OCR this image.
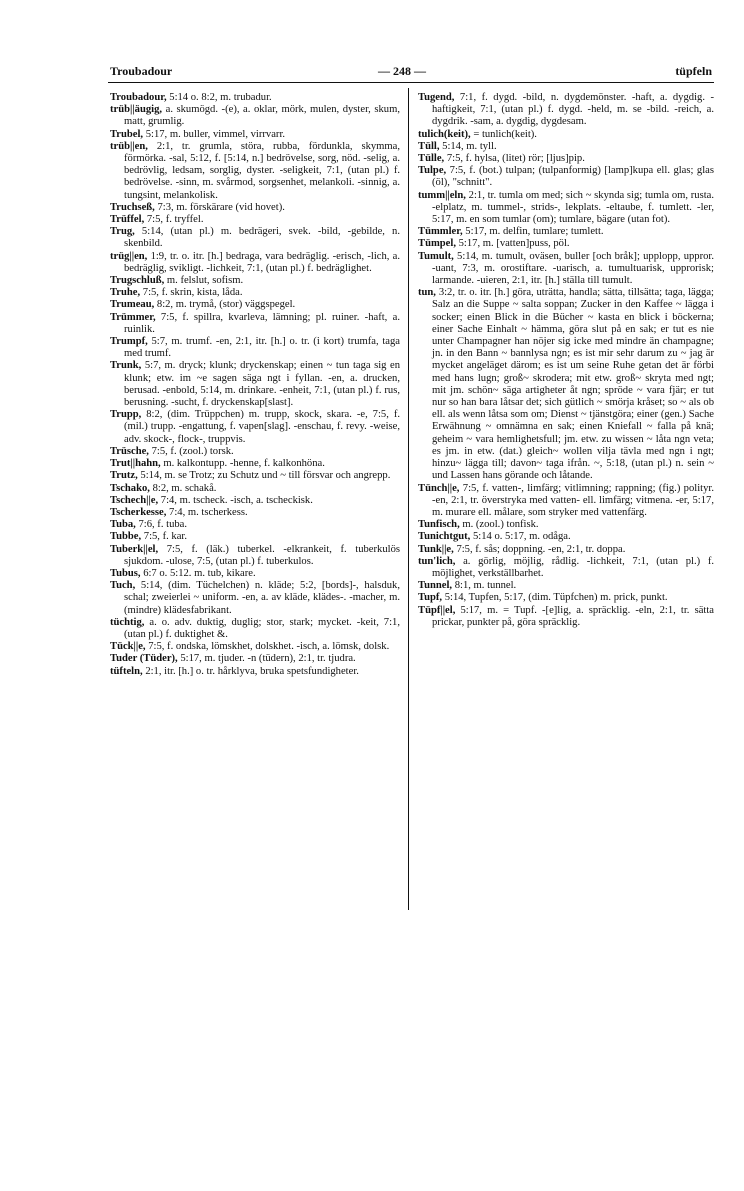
Troubadour	— 248 —	tüpfeln

Troubadour, 5:14 o. 8:2, m. trubadur.

trüb||äugig, a. skumögd. -(e), a. oklar, mörk, mulen, dyster, skum, matt, grumlig.

Trubel, 5:17, m. buller, vimmel, virrvarr.

trüb||en, 2:1, tr. grumla, störa, rubba, fördunkla, skymma, förmörka. -sal, 5:12, f. [5:14, n.] bedrövelse, sorg, nöd. -selig, a. bedrövlig, ledsam, sorglig, dyster. -seligkeit, 7:1, (utan pl.) f. bedrövelse. -sinn, m. svårmod, sorgsenhet, melankoli. -sinnig, a. tungsint, melankolisk.

Truchseß, 7:3, m. förskärare (vid hovet).

Trüffel, 7:5, f. tryffel.

Trug, 5:14, (utan pl.) m. bedrägeri, svek. -bild, -gebilde, n. skenbild.

trüg||en, 1:9, tr. o. itr. [h.] bedraga, vara bedräglig. -erisch, -lich, a. bedräglig, svikligt. -lichkeit, 7:1, (utan pl.) f. bedräglighet.

Trugschluß, m. felslut, sofism.

Truhe, 7:5, f. skrin, kista, låda.

Trumeau, 8:2, m. trymå, (stor) väggspegel.

Trümmer, 7:5, f. spillra, kvarleva, lämning; pl. ruiner. -haft, a. ruinlik.

Trumpf, 5:7, m. trumf. -en, 2:1, itr. [h.] o. tr. (i kort) trumfa, taga med trumf.

Trunk, 5:7, m. dryck; klunk; dryckenskap; einen ~ tun taga sig en klunk; etw. im ~e sagen säga ngt i fyllan. -en, a. drucken, berusad. -enbold, 5:14, m. drinkare. -enheit, 7:1, (utan pl.) f. rus, berusning. -sucht, f. dryckenskap[slast].

Trupp, 8:2, (dim. Trüppchen) m. trupp, skock, skara. -e, 7:5, f. (mil.) trupp. -engattung, f. vapen[slag]. -enschau, f. revy. -weise, adv. skock-, flock-, truppvis.

Trüsche, 7:5, f. (zool.) torsk.

Trut||hahn, m. kalkontupp. -henne, f. kalkonhöna.

Trutz, 5:14, m. se Trotz; zu Schutz und ~ till försvar och angrepp.

Tschako, 8:2, m. schakå.

Tschech||e, 7:4, m. tscheck. -isch, a. tscheckisk.

Tscherkesse, 7:4, m. tscherkess.

Tuba, 7:6, f. tuba.

Tubbe, 7:5, f. kar.

Tuberk||el, 7:5, f. (läk.) tuberkel. -elkrankeit, f. tuberkulös sjukdom. -ulose, 7:5, (utan pl.) f. tuberkulos.

Tubus, 6:7 o. 5:12. m. tub, kikare.

Tuch, 5:14, (dim. Tüchelchen) n. kläde; 5:2, [bords]-, halsduk, schal; zweierlei ~ uniform. -en, a. av kläde, klädes-. -macher, m. (mindre) klädesfabrikant.

tüchtig, a. o. adv. duktig, duglig; stor, stark; mycket. -keit, 7:1, (utan pl.) f. duktighet &.

Tück||e, 7:5, f. ondska, lömskhet, dolskhet. -isch, a. lömsk, dolsk.

Tuder (Tüder), 5:17, m. tjuder. -n (tüdern), 2:1, tr. tjudra.

tüfteln, 2:1, itr. [h.] o. tr. hårklyva, bruka spetsfundigheter.

Tugend, 7:1, f. dygd. -bild, n. dygdemönster. -haft, a. dygdig. -haftigkeit, 7:1, (utan pl.) f. dygd. -held, m. se -bild. -reich, a. dygdrik. -sam, a. dygdig, dygdesam.

tulich(keit), = tunlich(keit).

Tüll, 5:14, m. tyll.

Tülle, 7:5, f. hylsa, (litet) rör; [ljus]pip.

Tulpe, 7:5, f. (bot.) tulpan; (tulpanformig) [lamp]kupa ell. glas; glas (öl), "schnitt".

tumm||eln, 2:1, tr. tumla om med; sich ~ skynda sig; tumla om, rusta. -elplatz, m. tummel-, strids-, lekplats. -eltaube, f. tumlett. -ler, 5:17, m. en som tumlar (om); tumlare, bägare (utan fot).

Tümmler, 5:17, m. delfin, tumlare; tumlett.

Tümpel, 5:17, m. [vatten]puss, pöl.

Tumult, 5:14, m. tumult, oväsen, buller [och bråk]; upplopp, uppror. -uant, 7:3, m. orostiftare. -uarisch, a. tumultuarisk, upprorisk; larmande. -uieren, 2:1, itr. [h.] ställa till tumult.

tun, 3:2, tr. o. itr. [h.] göra, uträtta, handla; sätta, tillsätta; taga, lägga; Salz an die Suppe ~ salta soppan; Zucker in den Kaffee ~ lägga i socker; einen Blick in die Bücher ~ kasta en blick i böckerna; einer Sache Einhalt ~ hämma, göra slut på en sak; er tut es nie unter Champagner han nöjer sig icke med mindre än champagne; jn. in den Bann ~ bannlysa ngn; es ist mir sehr darum zu ~ jag är mycket angeläget därom; es ist um seine Ruhe getan det är förbi med hans lugn; groß~ skrodera; mit etw. groß~ skryta med ngt; mit jm. schön~ säga artigheter åt ngn; spröde ~ vara fjär; er tut nur so han bara låtsar det; sich gütlich ~ smörja kråset; so ~ als ob ell. als wenn låtsa som om; Dienst ~ tjänstgöra; einer (gen.) Sache Erwähnung ~ omnämna en sak; einen Kniefall ~ falla på knä; geheim ~ vara hemlighetsfull; jm. etw. zu wissen ~ låta ngn veta; es jm. in etw. (dat.) gleich~ wollen vilja tävla med ngn i ngt; hinzu~ lägga till; davon~ taga ifrån. ~, 5:18, (utan pl.) n. sein ~ und Lassen hans görande och låtande.

Tünch||e, 7:5, f. vatten-, limfärg; vitlimning; rappning; (fig.) polityr. -en, 2:1, tr. överstryka med vatten- ell. limfärg; vitmena. -er, 5:17, m. murare ell. målare, som stryker med vattenfärg.

Tunfisch, m. (zool.) tonfisk.

Tunichtgut, 5:14 o. 5:17, m. odåga.

Tunk||e, 7:5, f. sås; doppning. -en, 2:1, tr. doppa.

tun'lich, a. görlig, möjlig, rådlig. -lichkeit, 7:1, (utan pl.) f. möjlighet, verkställbarhet.

Tunnel, 8:1, m. tunnel.

Tupf, 5:14, Tupfen, 5:17, (dim. Tüpfchen) m. prick, punkt.

Tüpf||el, 5:17, m. = Tupf. -[e]lig, a. spräcklig. -eln, 2:1, tr. sätta prickar, punkter på, göra spräcklig.
